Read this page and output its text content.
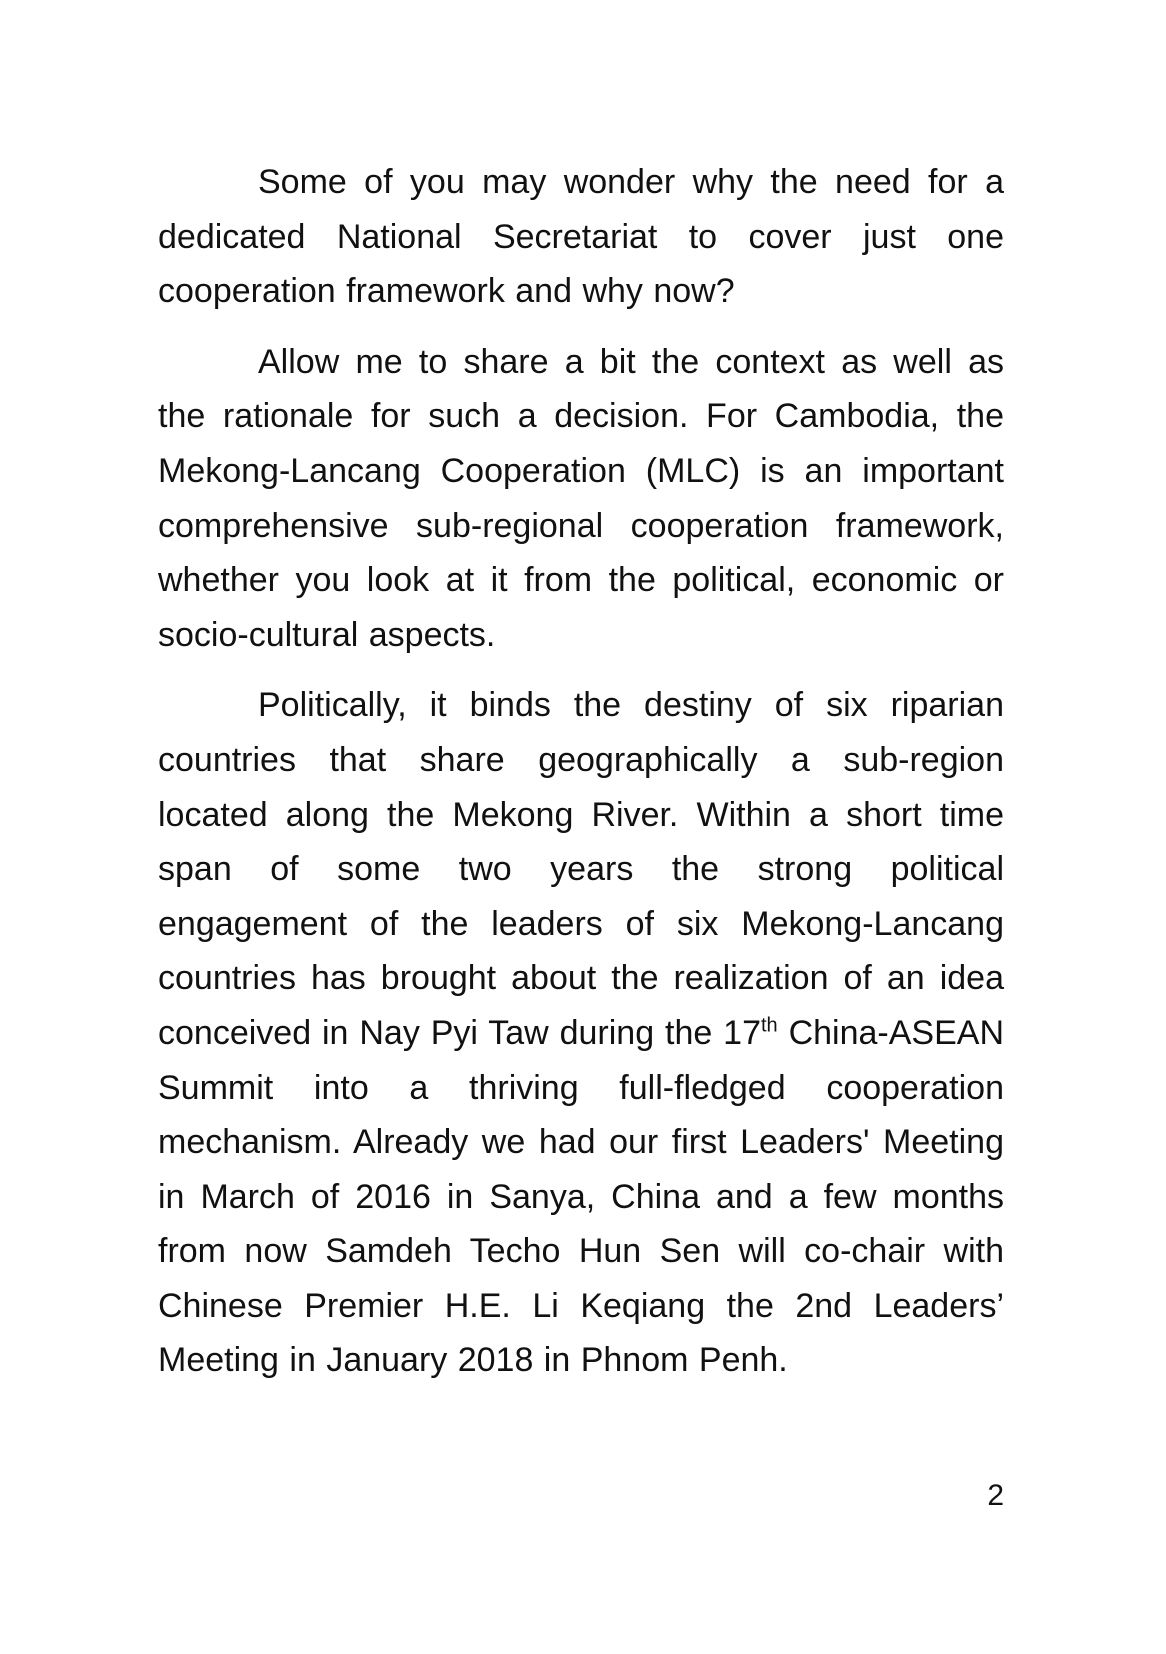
Some of you may wonder why the need for a dedicated National Secretariat to cover just one cooperation framework and why now?

Allow me to share a bit the context as well as the rationale for such a decision. For Cambodia, the Mekong-Lancang Cooperation (MLC) is an important comprehensive sub-regional cooperation framework, whether you look at it from the political, economic or socio-cultural aspects.

Politically, it binds the destiny of six riparian countries that share geographically a sub-region located along the Mekong River. Within a short time span of some two years the strong political engagement of the leaders of six Mekong-Lancang countries has brought about the realization of an idea conceived in Nay Pyi Taw during the 17th China-ASEAN Summit into a thriving full-fledged cooperation mechanism. Already we had our first Leaders' Meeting in March of 2016 in Sanya, China and a few months from now Samdeh Techo Hun Sen will co-chair with Chinese Premier H.E. Li Keqiang the 2nd Leaders’ Meeting in January 2018 in Phnom Penh.

2
